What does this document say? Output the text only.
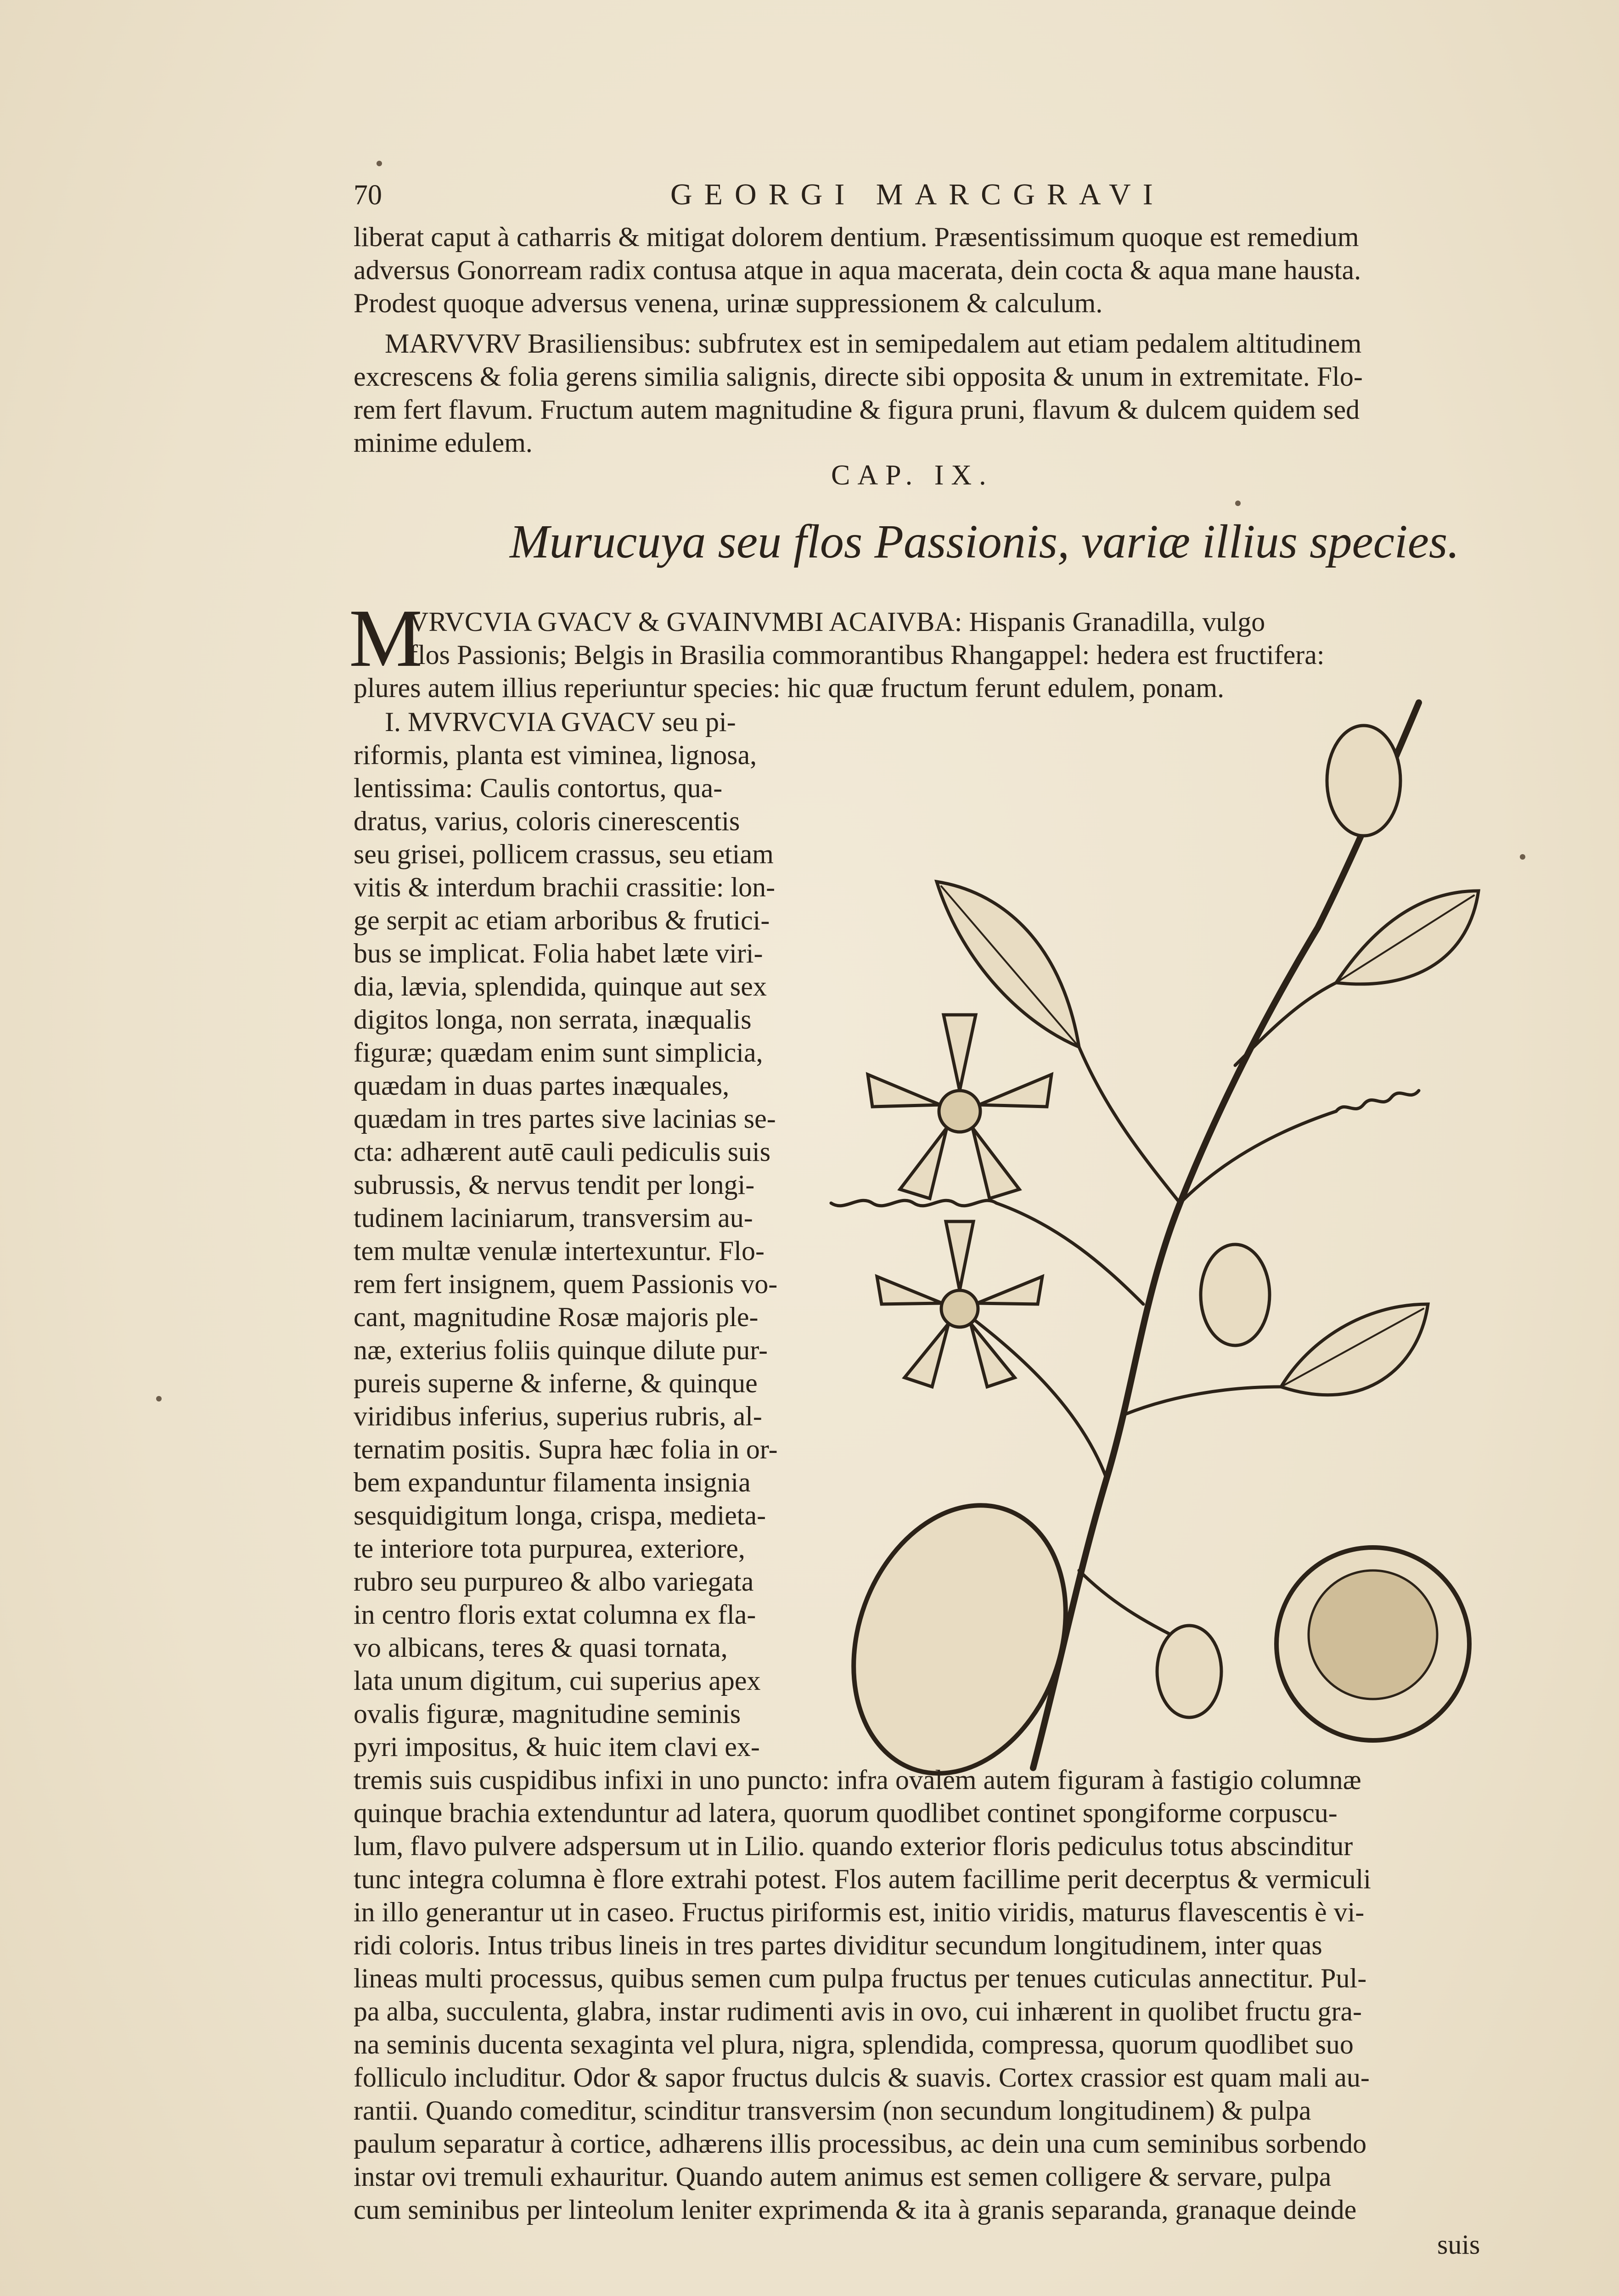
70	GEORGI MARCGRAVI
liberat caput à catharris & mitigat dolorem dentium. Præsentissimum quoque est remedium
adversus Gonorream radix contusa atque in aqua macerata, dein cocta & aqua mane hausta.
Prodest quoque adversus venena, urinæ suppressionem & calculum.
MARVVRV Brasiliensibus: subfrutex est in semipedalem aut etiam pedalem altitudinem
excrescens & folia gerens similia salignis, directe sibi opposita & unum in extremitate. Flo-
rem fert flavum. Fructum autem magnitudine & figura pruni, flavum & dulcem quidem sed
minime edulem.
CAP. IX.
Murucuya seu flos Passionis, variæ illius species.
M
VRVCVIA GVACV & GVAINVMBI ACAIVBA: Hispanis Granadilla, vulgo
flos Passionis; Belgis in Brasilia commorantibus Rhangappel: hedera est fructifera:
plures autem illius reperiuntur species: hic quæ fructum ferunt edulem, ponam.
I. MVRVCVIA GVACV seu pi-
riformis, planta est viminea, lignosa,
lentissima: Caulis contortus, qua-
dratus, varius, coloris cinerescentis
seu grisei, pollicem crassus, seu etiam
vitis & interdum brachii crassitie: lon-
ge serpit ac etiam arboribus & frutici-
bus se implicat. Folia habet læte viri-
dia, lævia, splendida, quinque aut sex
digitos longa, non serrata, inæqualis
figuræ; quædam enim sunt simplicia,
quædam in duas partes inæquales,
quædam in tres partes sive lacinias se-
cta: adhærent autē cauli pediculis suis
subrussis, & nervus tendit per longi-
tudinem laciniarum, transversim au-
tem multæ venulæ intertexuntur. Flo-
rem fert insignem, quem Passionis vo-
cant, magnitudine Rosæ majoris ple-
næ, exterius foliis quinque dilute pur-
pureis superne & inferne, & quinque
viridibus inferius, superius rubris, al-
ternatim positis. Supra hæc folia in or-
bem expanduntur filamenta insignia
sesquidigitum longa, crispa, medieta-
te interiore tota purpurea, exteriore,
rubro seu purpureo & albo variegata
in centro floris extat columna ex fla-
vo albicans, teres & quasi tornata,
lata unum digitum, cui superius apex
ovalis figuræ, magnitudine seminis
pyri impositus, & huic item clavi ex-
tremis suis cuspidibus infixi in uno puncto: infra ovalem autem figuram à fastigio columnæ
quinque brachia extenduntur ad latera, quorum quodlibet continet spongiforme corpuscu-
lum, flavo pulvere adspersum ut in Lilio. quando exterior floris pediculus totus abscinditur
tunc integra columna è flore extrahi potest. Flos autem facillime perit decerptus & vermiculi
in illo generantur ut in caseo. Fructus piriformis est, initio viridis, maturus flavescentis è vi-
ridi coloris. Intus tribus lineis in tres partes dividitur secundum longitudinem, inter quas
lineas multi processus, quibus semen cum pulpa fructus per tenues cuticulas annectitur. Pul-
pa alba, succulenta, glabra, instar rudimenti avis in ovo, cui inhærent in quolibet fructu gra-
na seminis ducenta sexaginta vel plura, nigra, splendida, compressa, quorum quodlibet suo
folliculo includitur. Odor & sapor fructus dulcis & suavis. Cortex crassior est quam mali au-
rantii. Quando comeditur, scinditur transversim (non secundum longitudinem) & pulpa
paulum separatur à cortice, adhærens illis processibus, ac dein una cum seminibus sorbendo
instar ovi tremuli exhauritur. Quando autem animus est semen colligere & servare, pulpa
cum seminibus per linteolum leniter exprimenda & ita à granis separanda, granaque deinde
suis
